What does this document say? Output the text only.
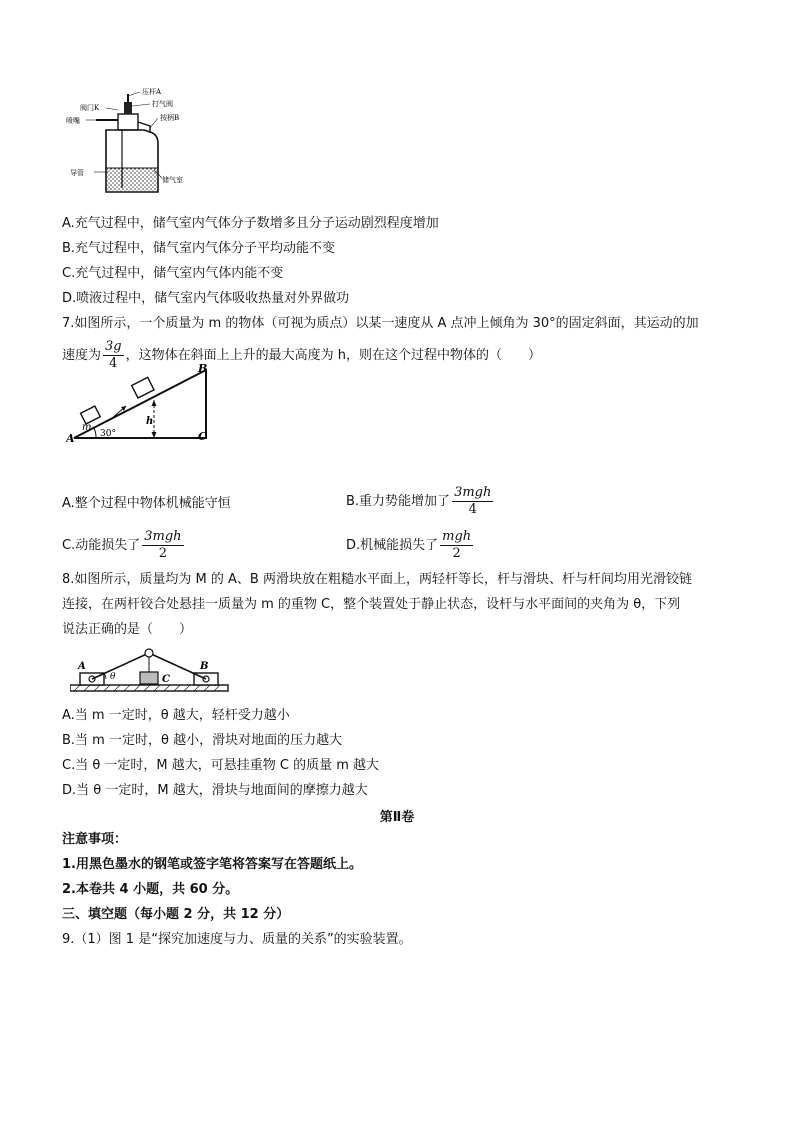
压杆A
阀门K	打气阀
喷嘴	按柄B
导管
储气室
A.充气过程中，储气室内气体分子数增多且分子运动剧烈程度增加
B.充气过程中，储气室内气体分子平均动能不变
C.充气过程中，储气室内气体内能不变
D.喷液过程中，储气室内气体吸收热量对外界做功
7.如图所示，一个质量为 m 的物体（可视为质点）以某一速度从 A 点冲上倾角为 30°的固定斜面，其运动的加
速度为 $\frac{3g}{4}$ ，这物体在斜面上上升的最大高度为 h，则在这个过程中物体的（　　）
A
B
C
m
30°
h
A.整个过程中物体机械能守恒	B.重力势能增加了 $\frac{\text{3mgh}}{4}$
C.动能损失了 $\frac{\text{3mgh}}{2}$	D.机械能损失了 $\frac{\text{mgh}}{2}$
8.如图所示，质量均为 M 的 A、B 两滑块放在粗糙水平面上，两轻杆等长，杆与滑块、杆与杆间均用光滑铰链
连接，在两杆铰合处悬挂一质量为 m 的重物 C，整个装置处于静止状态，设杆与水平面间的夹角为 θ，下列
说法正确的是（　　）
A	B
C
θ
A.当 m 一定时，θ 越大，轻杆受力越小
B.当 m 一定时，θ 越小，滑块对地面的压力越大
C.当 θ 一定时，M 越大，可悬挂重物 C 的质量 m 越大
D.当 θ 一定时，M 越大，滑块与地面间的摩擦力越大
第Ⅱ卷
注意事项：
1.用黑色墨水的钢笔或签字笔将答案写在答题纸上。
2.本卷共 4 小题，共 60 分。
三、填空题（每小题 2 分，共 12 分）
9.（1）图 1 是“探究加速度与力、质量的关系”的实验装置。
